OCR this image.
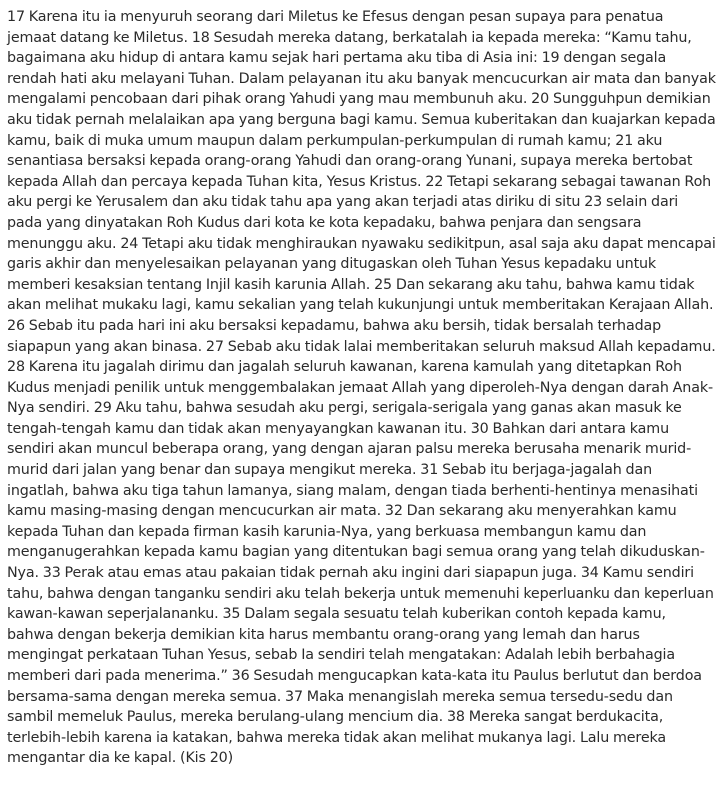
17 Karena itu ia menyuruh seorang dari Miletus ke Efesus dengan pesan supaya para penatua jemaat datang ke Miletus. 18 Sesudah mereka datang, berkatalah ia kepada mereka: “Kamu tahu, bagaimana aku hidup di antara kamu sejak hari pertama aku tiba di Asia ini: 19 dengan segala rendah hati aku melayani Tuhan. Dalam pelayanan itu aku banyak mencucurkan air mata dan banyak mengalami pencobaan dari pihak orang Yahudi yang mau membunuh aku. 20 Sungguhpun demikian aku tidak pernah melalaikan apa yang berguna bagi kamu. Semua kuberitakan dan kuajarkan kepada kamu, baik di muka umum maupun dalam perkumpulan-perkumpulan di rumah kamu; 21 aku senantiasa bersaksi kepada orang-orang Yahudi dan orang-orang Yunani, supaya mereka bertobat kepada Allah dan percaya kepada Tuhan kita, Yesus Kristus. 22 Tetapi sekarang sebagai tawanan Roh aku pergi ke Yerusalem dan aku tidak tahu apa yang akan terjadi atas diriku di situ 23 selain dari pada yang dinyatakan Roh Kudus dari kota ke kota kepadaku, bahwa penjara dan sengsara menunggu aku. 24 Tetapi aku tidak menghiraukan nyawaku sedikitpun, asal saja aku dapat mencapai garis akhir dan menyelesaikan pelayanan yang ditugaskan oleh Tuhan Yesus kepadaku untuk memberi kesaksian tentang Injil kasih karunia Allah. 25 Dan sekarang aku tahu, bahwa kamu tidak akan melihat mukaku lagi, kamu sekalian yang telah kukunjungi untuk memberitakan Kerajaan Allah. 26 Sebab itu pada hari ini aku bersaksi kepadamu, bahwa aku bersih, tidak bersalah terhadap siapapun yang akan binasa. 27 Sebab aku tidak lalai memberitakan seluruh maksud Allah kepadamu. 28 Karena itu jagalah dirimu dan jagalah seluruh kawanan, karena kamulah yang ditetapkan Roh Kudus menjadi penilik untuk menggembalakan jemaat Allah yang diperoleh-Nya dengan darah Anak-Nya sendiri. 29 Aku tahu, bahwa sesudah aku pergi, serigala-serigala yang ganas akan masuk ke tengah-tengah kamu dan tidak akan menyayangkan kawanan itu. 30 Bahkan dari antara kamu sendiri akan muncul beberapa orang, yang dengan ajaran palsu mereka berusaha menarik murid-murid dari jalan yang benar dan supaya mengikut mereka. 31 Sebab itu berjaga-jagalah dan ingatlah, bahwa aku tiga tahun lamanya, siang malam, dengan tiada berhenti-hentinya menasihati kamu masing-masing dengan mencucurkan air mata. 32 Dan sekarang aku menyerahkan kamu kepada Tuhan dan kepada firman kasih karunia-Nya, yang berkuasa membangun kamu dan menganugerahkan kepada kamu bagian yang ditentukan bagi semua orang yang telah dikuduskan-Nya. 33 Perak atau emas atau pakaian tidak pernah aku ingini dari siapapun juga. 34 Kamu sendiri tahu, bahwa dengan tanganku sendiri aku telah bekerja untuk memenuhi keperluanku dan keperluan kawan-kawan seperjalananku. 35 Dalam segala sesuatu telah kuberikan contoh kepada kamu, bahwa dengan bekerja demikian kita harus membantu orang-orang yang lemah dan harus mengingat perkataan Tuhan Yesus, sebab Ia sendiri telah mengatakan: Adalah lebih berbahagia memberi dari pada menerima.” 36 Sesudah mengucapkan kata-kata itu Paulus berlutut dan berdoa bersama-sama dengan mereka semua. 37 Maka menangislah mereka semua tersedu-sedu dan sambil memeluk Paulus, mereka berulang-ulang mencium dia. 38 Mereka sangat berdukacita, terlebih-lebih karena ia katakan, bahwa mereka tidak akan melihat mukanya lagi. Lalu mereka mengantar dia ke kapal. (Kis 20)
